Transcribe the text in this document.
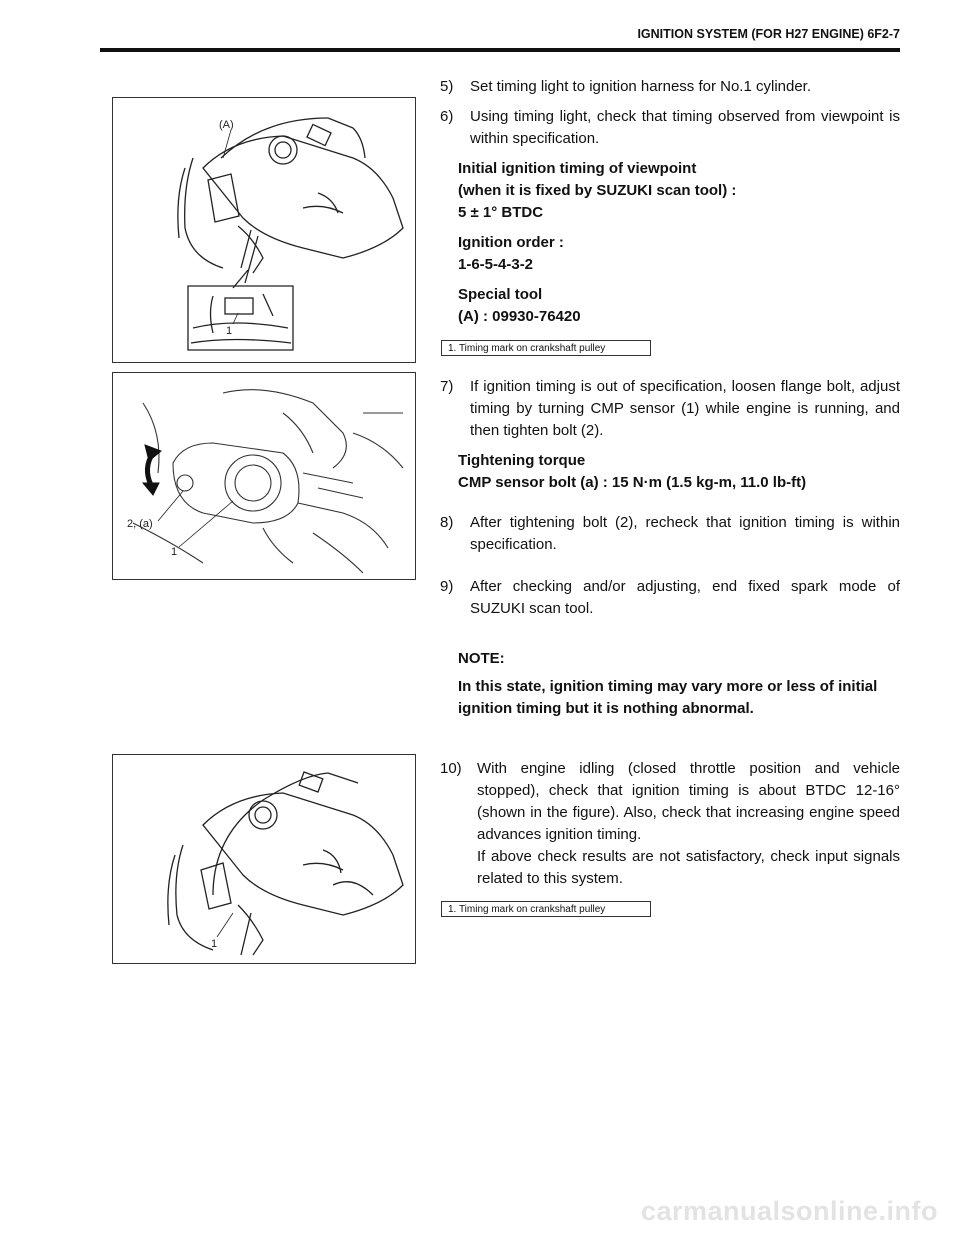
IGNITION SYSTEM (FOR H27 ENGINE) 6F2-7
(A)
1
1. Timing mark on crankshaft pulley
2, (a)
1
1
1. Timing mark on crankshaft pulley
5)	Set timing light to ignition harness for No.1 cylinder.
6)	Using timing light, check that timing observed from viewpoint is within specification.
Initial ignition timing of viewpoint
(when it is fixed by SUZUKI scan tool) :
5 ± 1° BTDC
Ignition order :
1-6-5-4-3-2
Special tool
(A) : 09930-76420
7)	If ignition timing is out of specification, loosen flange bolt, adjust timing by turning CMP sensor (1) while engine is running, and then tighten bolt (2).
Tightening torque
CMP sensor bolt (a) : 15 N·m (1.5 kg-m, 11.0 lb-ft)
8)	After tightening bolt (2), recheck that ignition timing is within specification.
9)	After checking and/or adjusting, end fixed spark mode of SUZUKI scan tool.
NOTE:
In this state, ignition timing may vary more or less of initial ignition timing but it is nothing abnormal.
10)	With engine idling (closed throttle position and vehicle stopped), check that ignition timing is about BTDC 12-16° (shown in the figure). Also, check that increasing engine speed advances ignition timing.
If above check results are not satisfactory, check input signals related to this system.
carmanualsonline.info
